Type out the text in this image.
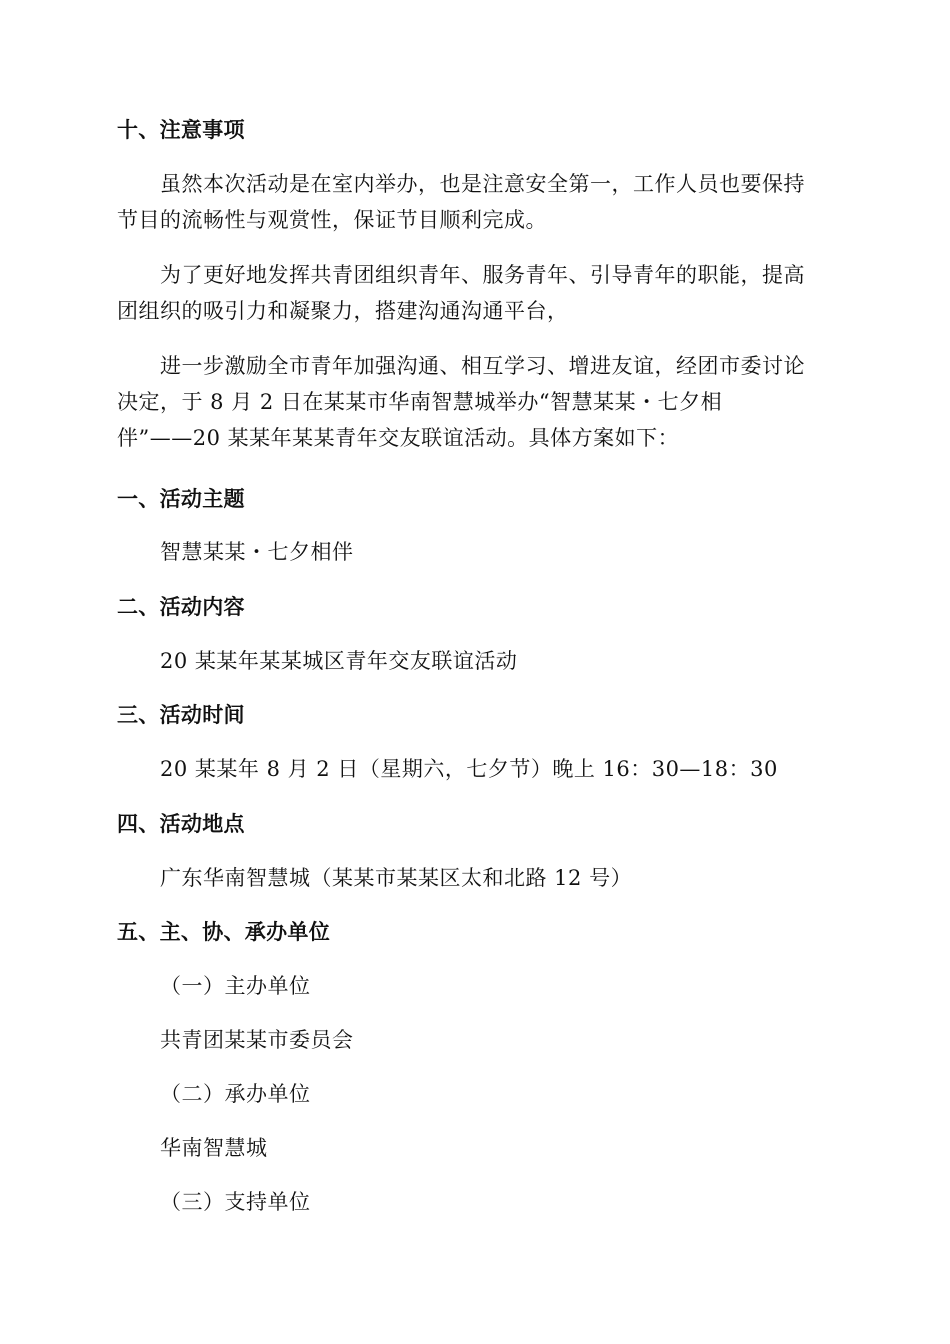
十、注意事项
虽然本次活动是在室内举办，也是注意安全第一，工作人员也要保持
节目的流畅性与观赏性，保证节目顺利完成。
为了更好地发挥共青团组织青年、服务青年、引导青年的职能，提高
团组织的吸引力和凝聚力，搭建沟通沟通平台，
进一步激励全市青年加强沟通、相互学习、增进友谊，经团市委讨论
决定，于 8 月 2 日在某某市华南智慧城举办“智慧某某・七夕相
伴”——20 某某年某某青年交友联谊活动。具体方案如下：
一、活动主题
智慧某某・七夕相伴
二、活动内容
20 某某年某某城区青年交友联谊活动
三、活动时间
20 某某年 8 月 2 日（星期六，七夕节）晚上 16：30—18：30
四、活动地点
广东华南智慧城（某某市某某区太和北路 12 号）
五、主、协、承办单位
（一）主办单位
共青团某某市委员会
（二）承办单位
华南智慧城
（三）支持单位
